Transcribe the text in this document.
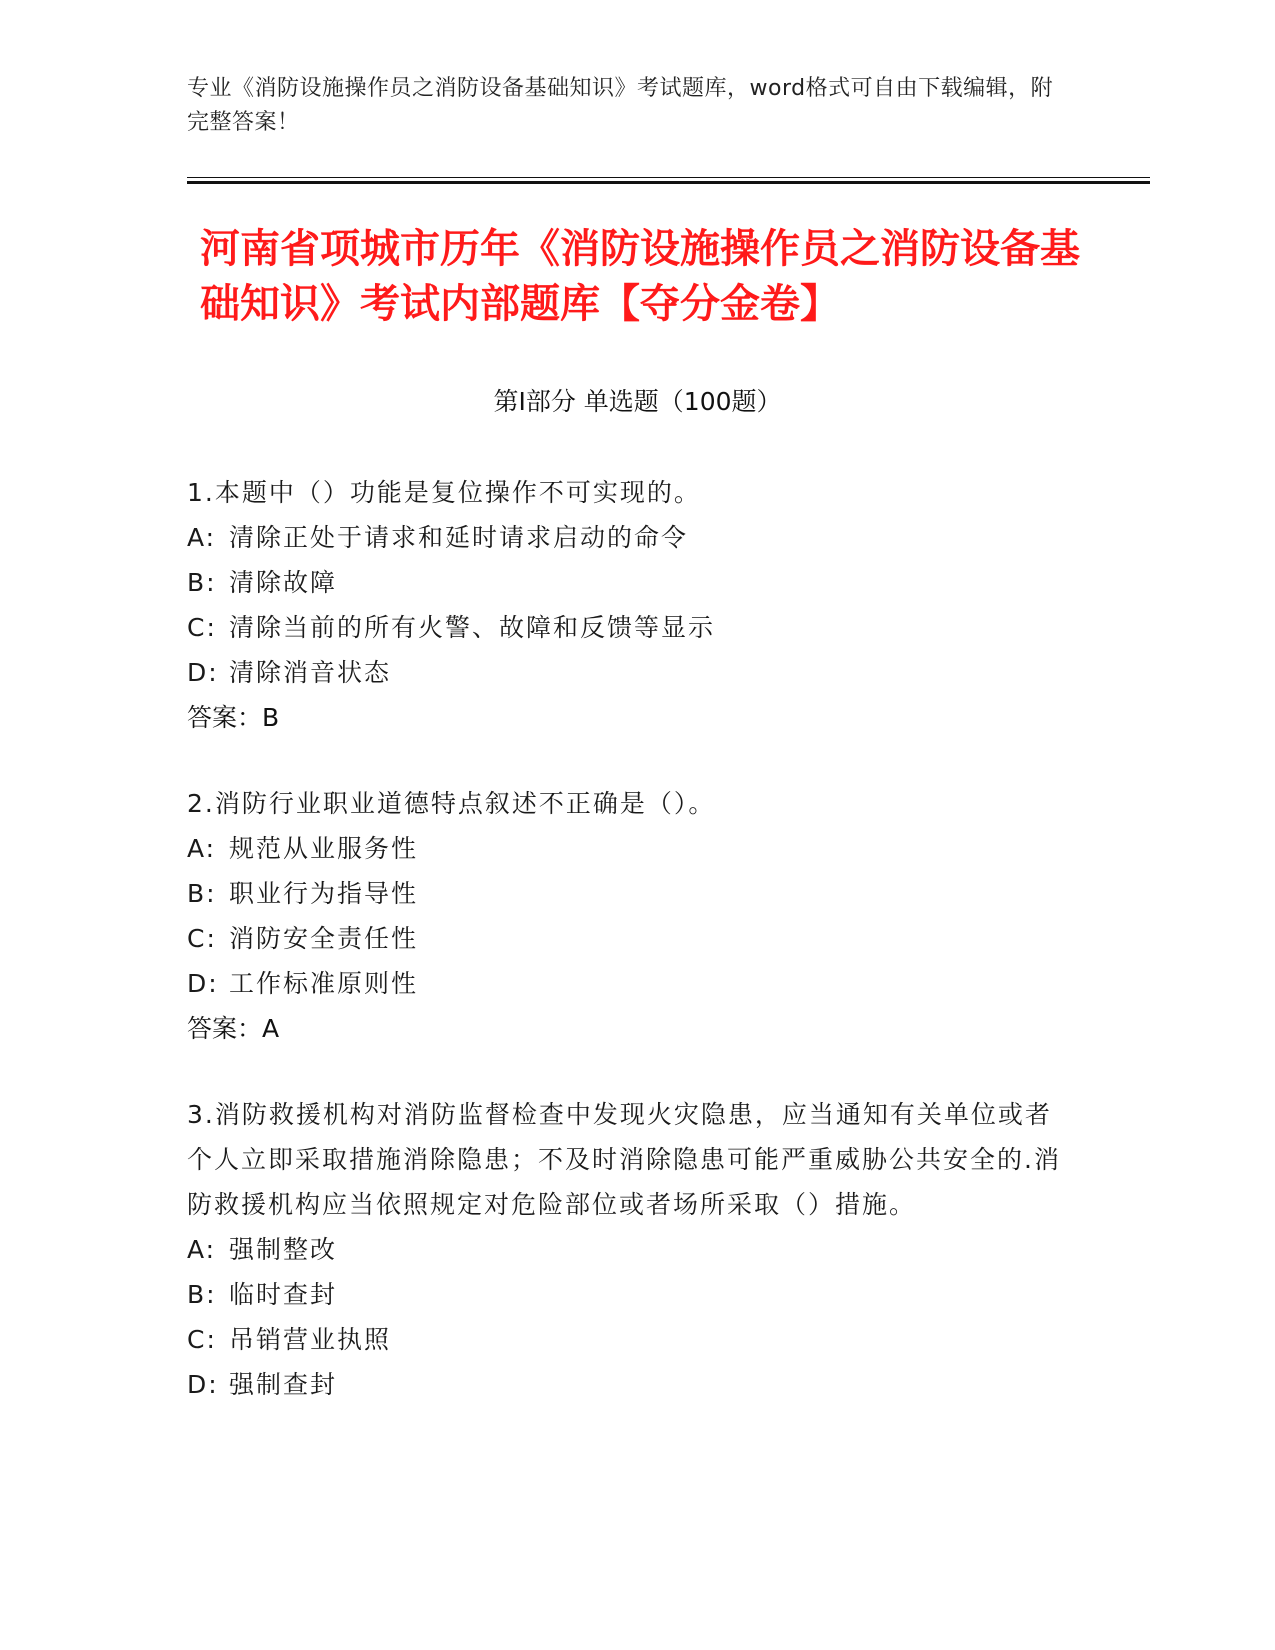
专业《消防设施操作员之消防设备基础知识》考试题库，word格式可自由下载编辑，附完整答案！
河南省项城市历年《消防设施操作员之消防设备基础知识》考试内部题库【夺分金卷】
第I部分 单选题（100题）

1.本题中（）功能是复位操作不可实现的。

A: 清除正处于请求和延时请求启动的命令

B: 清除故障

C: 清除当前的所有火警、故障和反馈等显示

D: 清除消音状态

答案：B

2.消防行业职业道德特点叙述不正确是（）。

A: 规范从业服务性

B: 职业行为指导性

C: 消防安全责任性

D: 工作标准原则性

答案：A

3.消防救援机构对消防监督检查中发现火灾隐患，应当通知有关单位或者个人立即采取措施消除隐患；不及时消除隐患可能严重威胁公共安全的.消防救援机构应当依照规定对危险部位或者场所采取（）措施。

A: 强制整改

B: 临时查封

C: 吊销营业执照

D: 强制查封
